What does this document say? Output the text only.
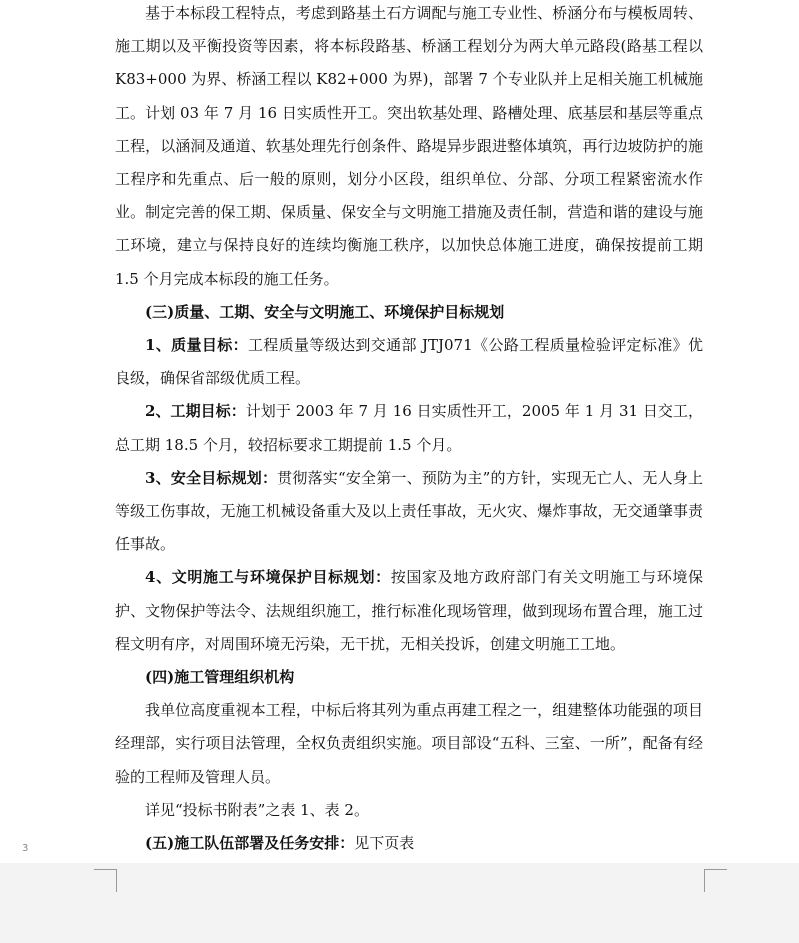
基于本标段工程特点，考虑到路基土石方调配与施工专业性、桥涵分布与模板周转、施工期以及平衡投资等因素，将本标段路基、桥涵工程划分为两大单元路段(路基工程以 K83+000 为界、桥涵工程以 K82+000 为界)，部署 7 个专业队并上足相关施工机械施工。计划 03 年 7 月 16 日实质性开工。突出软基处理、路槽处理、底基层和基层等重点工程，以涵洞及通道、软基处理先行创条件、路堤异步跟进整体填筑，再行边坡防护的施工程序和先重点、后一般的原则，划分小区段，组织单位、分部、分项工程紧密流水作业。制定完善的保工期、保质量、保安全与文明施工措施及责任制，营造和谐的建设与施工环境，建立与保持良好的连续均衡施工秩序，以加快总体施工进度，确保按提前工期 1.5 个月完成本标段的施工任务。

(三)质量、工期、安全与文明施工、环境保护目标规划

1、质量目标：工程质量等级达到交通部 JTJ071《公路工程质量检验评定标准》优良级，确保省部级优质工程。

2、工期目标：计划于 2003 年 7 月 16 日实质性开工，2005 年 1 月 31 日交工，总工期 18.5 个月，较招标要求工期提前 1.5 个月。

3、安全目标规划：贯彻落实“安全第一、预防为主”的方针，实现无亡人、无人身上等级工伤事故，无施工机械设备重大及以上责任事故，无火灾、爆炸事故，无交通肇事责任事故。

4、文明施工与环境保护目标规划：按国家及地方政府部门有关文明施工与环境保护、文物保护等法令、法规组织施工，推行标准化现场管理，做到现场布置合理，施工过程文明有序，对周围环境无污染，无干扰，无相关投诉，创建文明施工工地。

(四)施工管理组织机构

我单位高度重视本工程，中标后将其列为重点再建工程之一，组建整体功能强的项目经理部，实行项目法管理，全权负责组织实施。项目部设“五科、三室、一所”，配备有经验的工程师及管理人员。

详见“投标书附表”之表 1、表 2。

(五)施工队伍部署及任务安排：见下页表

3
